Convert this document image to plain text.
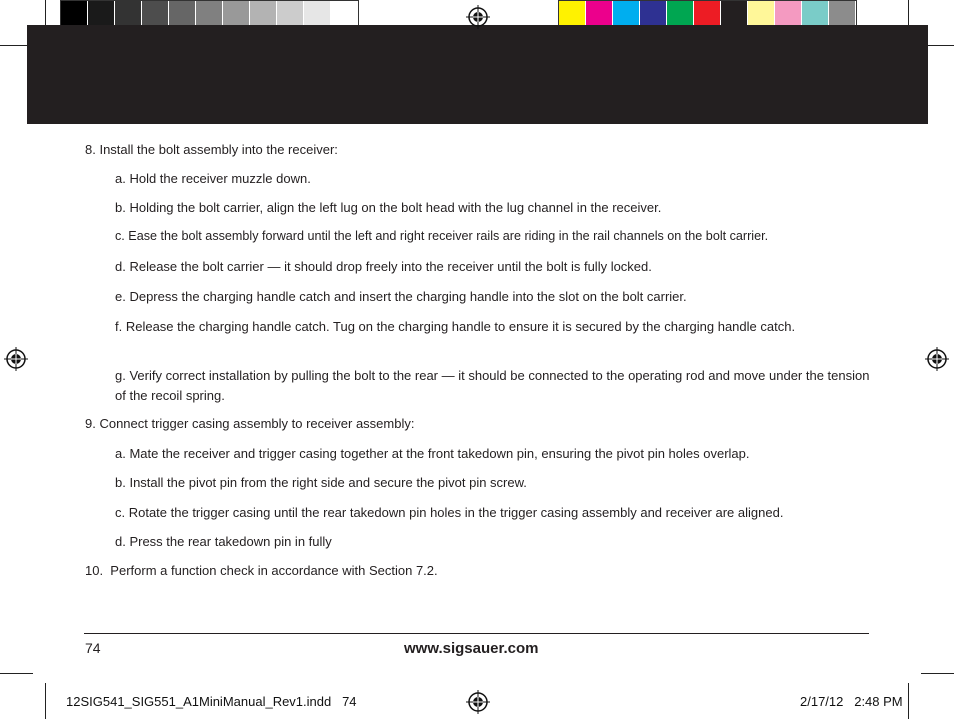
8. Install the bolt assembly into the receiver:
a. Hold the receiver muzzle down.
b. Holding the bolt carrier, align the left lug on the bolt head with the lug channel in the receiver.
c. Ease the bolt assembly forward until the left and right receiver rails are riding in the rail channels on the bolt carrier.
d. Release the bolt carrier — it should drop freely into the receiver until the bolt is fully locked.
e. Depress the charging handle catch and insert the charging handle into the slot on the bolt carrier.
f. Release the charging handle catch. Tug on the charging handle to ensure it is secured by the charging handle catch.
g. Verify correct installation by pulling the bolt to the rear — it should be connected to the operating rod and move under the tension of the recoil spring.
9. Connect trigger casing assembly to receiver assembly:
a. Mate the receiver and trigger casing together at the front takedown pin, ensuring the pivot pin holes overlap.
b. Install the pivot pin from the right side and secure the pivot pin screw.
c. Rotate the trigger casing until the rear takedown pin holes in the trigger casing assembly and receiver are aligned.
d. Press the rear takedown pin in fully
10.  Perform a function check in accordance with Section 7.2.
74	www.sigsauer.com
12SIG541_SIG551_A1MiniManual_Rev1.indd   74	2/17/12   2:48 PM
